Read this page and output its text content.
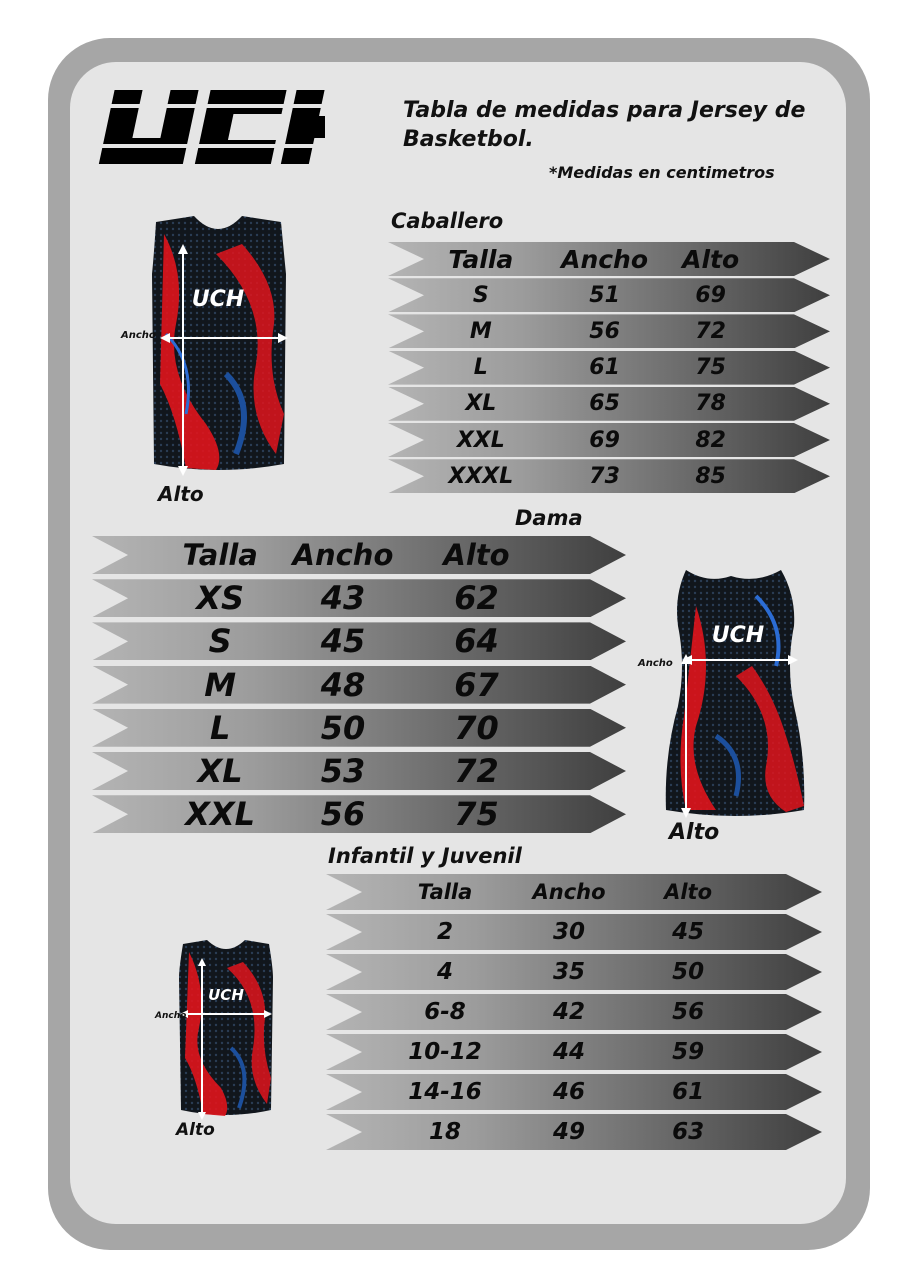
Tabla de medidas para Jersey de Basketbol.
*Medidas en centimetros
Caballero
Dama
Infantil y Juvenil
Talla	Ancho	Alto
S	51	69
M	56	72
L	61	75
XL	65	78
XXL	69	82
XXXL	73	85
Talla	Ancho	Alto
XS	43	62
S	45	64
M	48	67
L	50	70
XL	53	72
XXL	56	75
Talla	Ancho	Alto
2	30	45
4	35	50
6-8	42	56
10-12	44	59
14-16	46	61
18	49	63
UCH
Ancho
Alto
UCH
Ancho
Alto
UCH
Ancho
Alto
